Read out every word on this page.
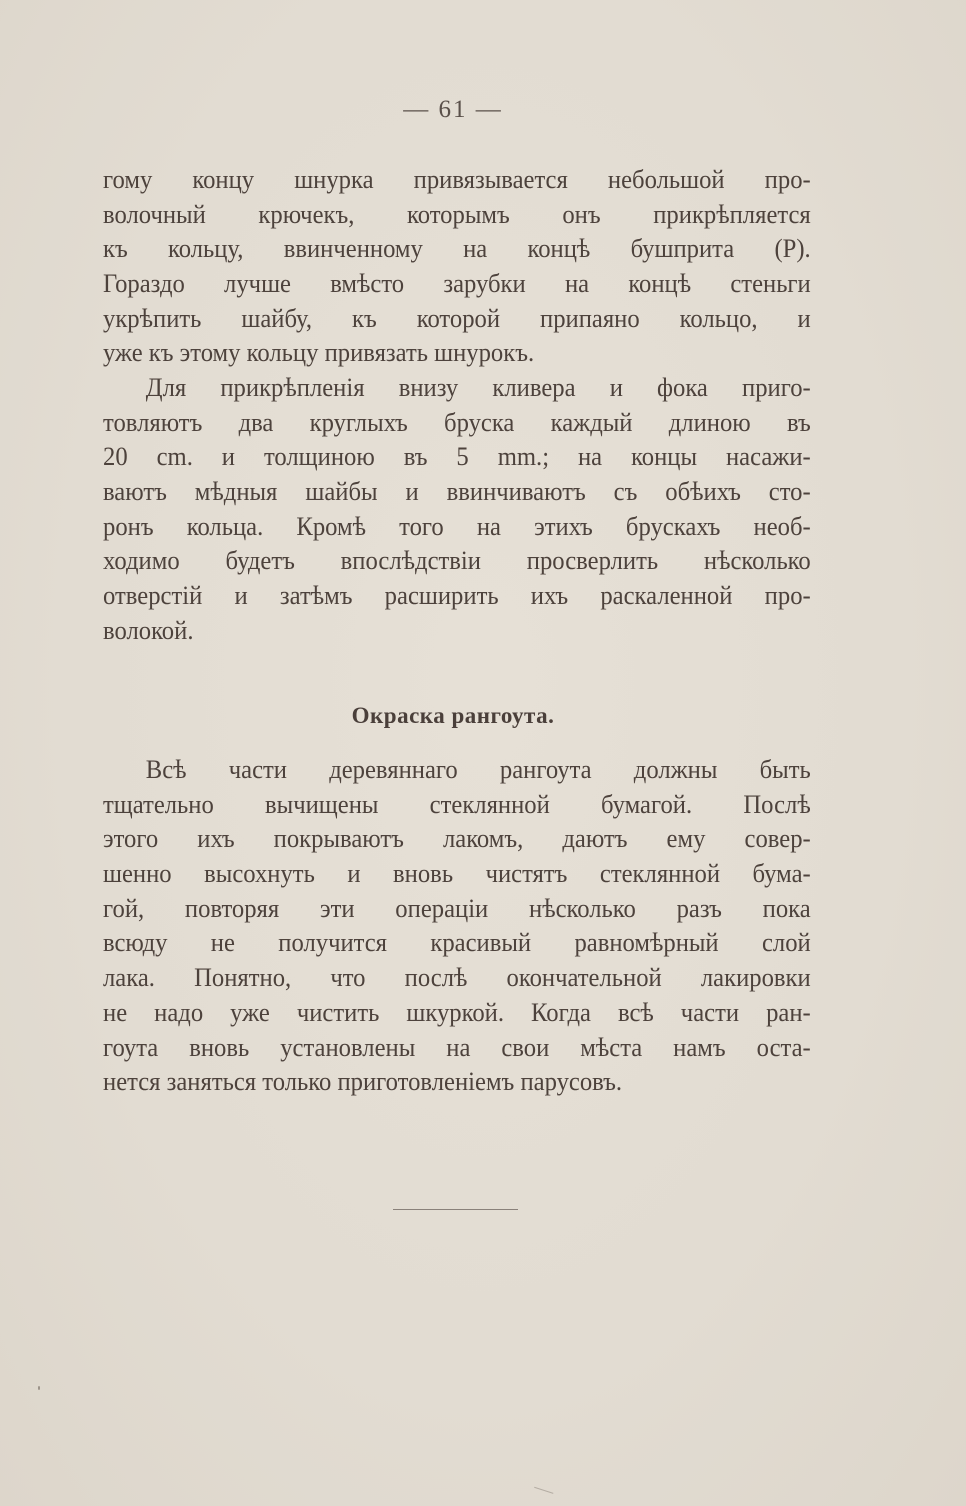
— 61 —
гому концу шнурка привязывается небольшой про-
волочный крючекъ, которымъ онъ прикрѣпляется
къ кольцу, ввинченному на концѣ бушприта (P).
Гораздо лучше вмѣсто зарубки на концѣ стеньги
укрѣпить шайбу, къ которой припаяно кольцо, и
уже къ этому кольцу привязать шнурокъ.
Для прикрѣпленія внизу кливера и фока приго-
товляютъ два круглыхъ бруска каждый длиною въ
20 cm. и толщиною въ 5 mm.; на концы насажи-
ваютъ мѣдныя шайбы и ввинчиваютъ съ обѣихъ сто-
ронъ кольца. Кромѣ того на этихъ брускахъ необ-
ходимо будетъ впослѣдствіи просверлить нѣсколько
отверстій и затѣмъ расширить ихъ раскаленной про-
волокой.
Окраска рангоута.
Всѣ части деревяннаго рангоута должны быть
тщательно вычищены стеклянной бумагой. Послѣ
этого ихъ покрываютъ лакомъ, даютъ ему совер-
шенно высохнуть и вновь чистятъ стеклянной бума-
гой, повторяя эти операціи нѣсколько разъ пока
всюду не получится красивый равномѣрный слой
лака. Понятно, что послѣ окончательной лакировки
не надо уже чистить шкуркой. Когда всѣ части ран-
гоута вновь установлены на свои мѣста намъ оста-
нется заняться только приготовленіемъ парусовъ.
